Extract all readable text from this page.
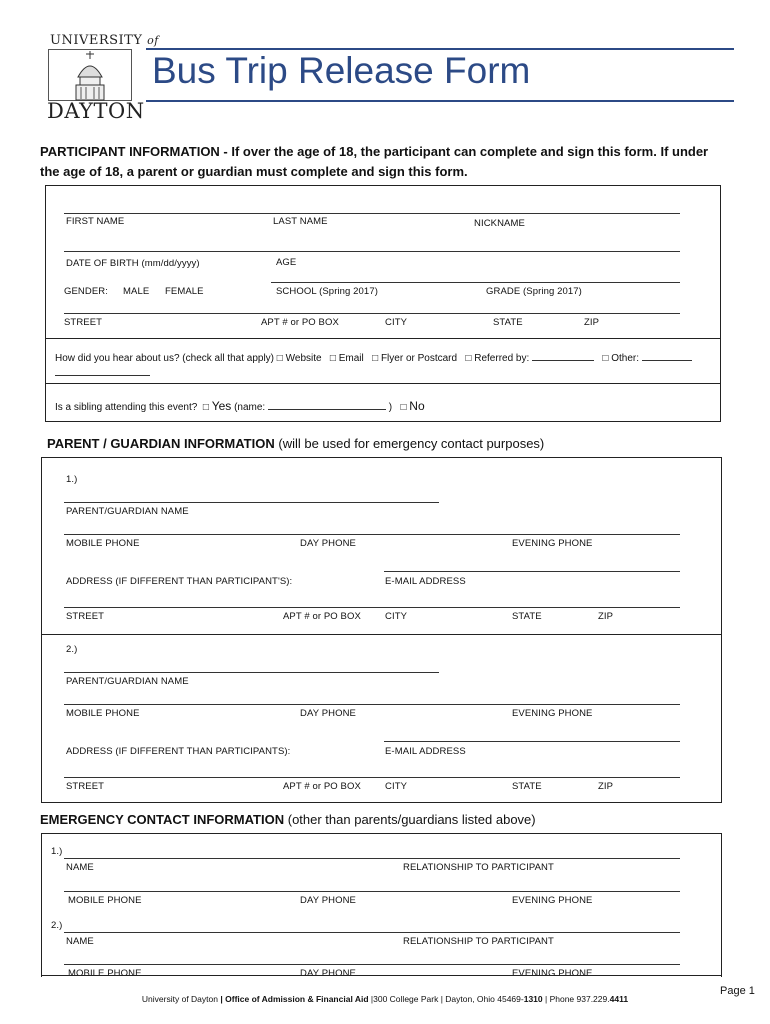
UNIVERSITY of
DAYTON
Bus Trip Release Form
PARTICIPANT INFORMATION - If over the age of 18, the participant can complete and sign this form. If under the age of 18, a parent or guardian must complete and sign this form.
FIRST NAME	LAST NAME	NICKNAME
DATE OF BIRTH (mm/dd/yyyy)	AGE
GENDER: MALE FEMALE	SCHOOL (Spring 2017)	GRADE (Spring 2017)
STREET	APT # or PO BOX	CITY	STATE	ZIP
How did you hear about us? (check all that apply) □ Website □ Email □ Flyer or Postcard □ Referred by:	□ Other:
Is a sibling attending this event? □ Yes (name:	) □ No
PARENT / GUARDIAN INFORMATION (will be used for emergency contact purposes)
1.)
PARENT/GUARDIAN NAME
MOBILE PHONE	DAY PHONE	EVENING PHONE
ADDRESS (IF DIFFERENT THAN PARTICIPANT'S):	E-MAIL ADDRESS
STREET	APT # or PO BOX	CITY	STATE	ZIP
2.)
PARENT/GUARDIAN NAME
MOBILE PHONE	DAY PHONE	EVENING PHONE
ADDRESS (IF DIFFERENT THAN PARTICIPANTS):	E-MAIL ADDRESS
STREET	APT # or PO BOX	CITY	STATE	ZIP
EMERGENCY CONTACT INFORMATION (other than parents/guardians listed above)
1.)
NAME	RELATIONSHIP TO PARTICIPANT
MOBILE PHONE	DAY PHONE	EVENING PHONE
2.)
NAME	RELATIONSHIP TO PARTICIPANT
MOBILE PHONE	DAY PHONE	EVENING PHONE
Page 1
University of Dayton | Office of Admission & Financial Aid |300 College Park | Dayton, Ohio 45469-1310 | Phone 937.229.4411
